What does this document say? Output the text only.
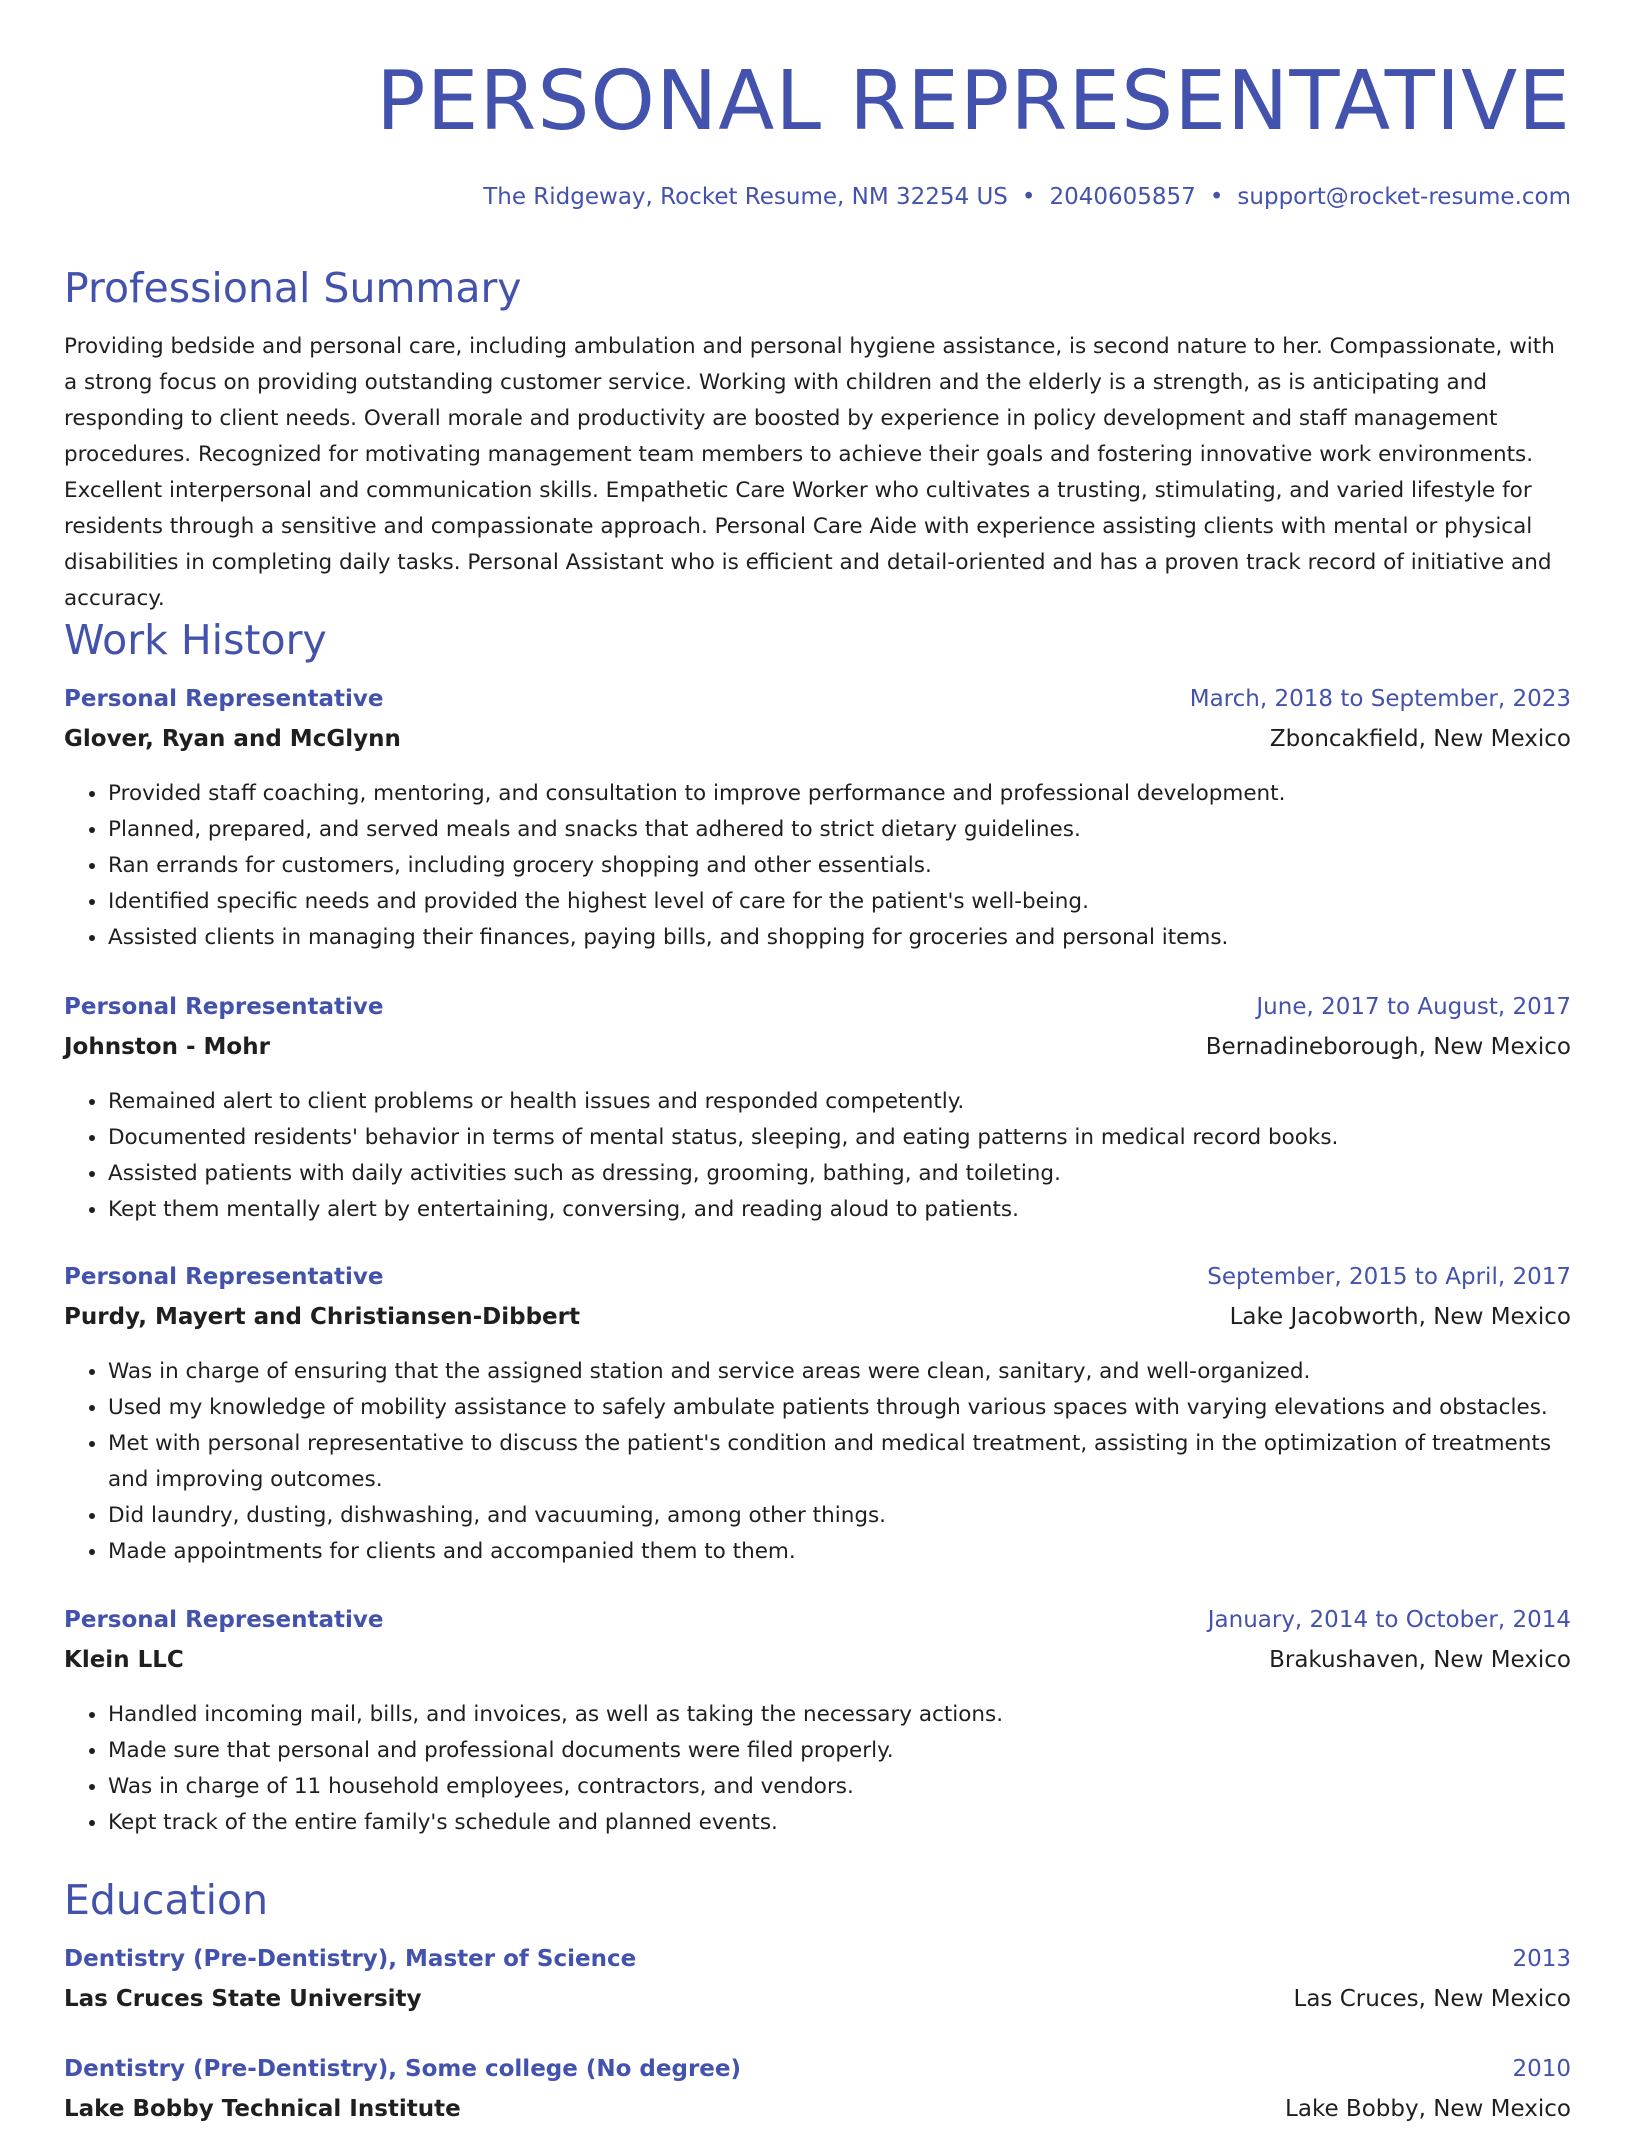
PERSONAL REPRESENTATIVE
The Ridgeway, Rocket Resume, NM 32254 US • 2040605857 • support@rocket-resume.com
Professional Summary
Providing bedside and personal care, including ambulation and personal hygiene assistance, is second nature to her. Compassionate, with a strong focus on providing outstanding customer service. Working with children and the elderly is a strength, as is anticipating and responding to client needs. Overall morale and productivity are boosted by experience in policy development and staff management procedures. Recognized for motivating management team members to achieve their goals and fostering innovative work environments. Excellent interpersonal and communication skills. Empathetic Care Worker who cultivates a trusting, stimulating, and varied lifestyle for residents through a sensitive and compassionate approach. Personal Care Aide with experience assisting clients with mental or physical disabilities in completing daily tasks. Personal Assistant who is efficient and detail-oriented and has a proven track record of initiative and accuracy.
Work History
Personal Representative	March, 2018 to September, 2023
Glover, Ryan and McGlynn	Zboncakfield, New Mexico
• Provided staff coaching, mentoring, and consultation to improve performance and professional development.
• Planned, prepared, and served meals and snacks that adhered to strict dietary guidelines.
• Ran errands for customers, including grocery shopping and other essentials.
• Identified specific needs and provided the highest level of care for the patient's well-being.
• Assisted clients in managing their finances, paying bills, and shopping for groceries and personal items.
Personal Representative	June, 2017 to August, 2017
Johnston - Mohr	Bernadineborough, New Mexico
• Remained alert to client problems or health issues and responded competently.
• Documented residents' behavior in terms of mental status, sleeping, and eating patterns in medical record books.
• Assisted patients with daily activities such as dressing, grooming, bathing, and toileting.
• Kept them mentally alert by entertaining, conversing, and reading aloud to patients.
Personal Representative	September, 2015 to April, 2017
Purdy, Mayert and Christiansen-Dibbert	Lake Jacobworth, New Mexico
• Was in charge of ensuring that the assigned station and service areas were clean, sanitary, and well-organized.
• Used my knowledge of mobility assistance to safely ambulate patients through various spaces with varying elevations and obstacles.
• Met with personal representative to discuss the patient's condition and medical treatment, assisting in the optimization of treatments and improving outcomes.
• Did laundry, dusting, dishwashing, and vacuuming, among other things.
• Made appointments for clients and accompanied them to them.
Personal Representative	January, 2014 to October, 2014
Klein LLC	Brakushaven, New Mexico
• Handled incoming mail, bills, and invoices, as well as taking the necessary actions.
• Made sure that personal and professional documents were filed properly.
• Was in charge of 11 household employees, contractors, and vendors.
• Kept track of the entire family's schedule and planned events.
Education
Dentistry (Pre-Dentistry), Master of Science	2013
Las Cruces State University	Las Cruces, New Mexico
Dentistry (Pre-Dentistry), Some college (No degree)	2010
Lake Bobby Technical Institute	Lake Bobby, New Mexico
